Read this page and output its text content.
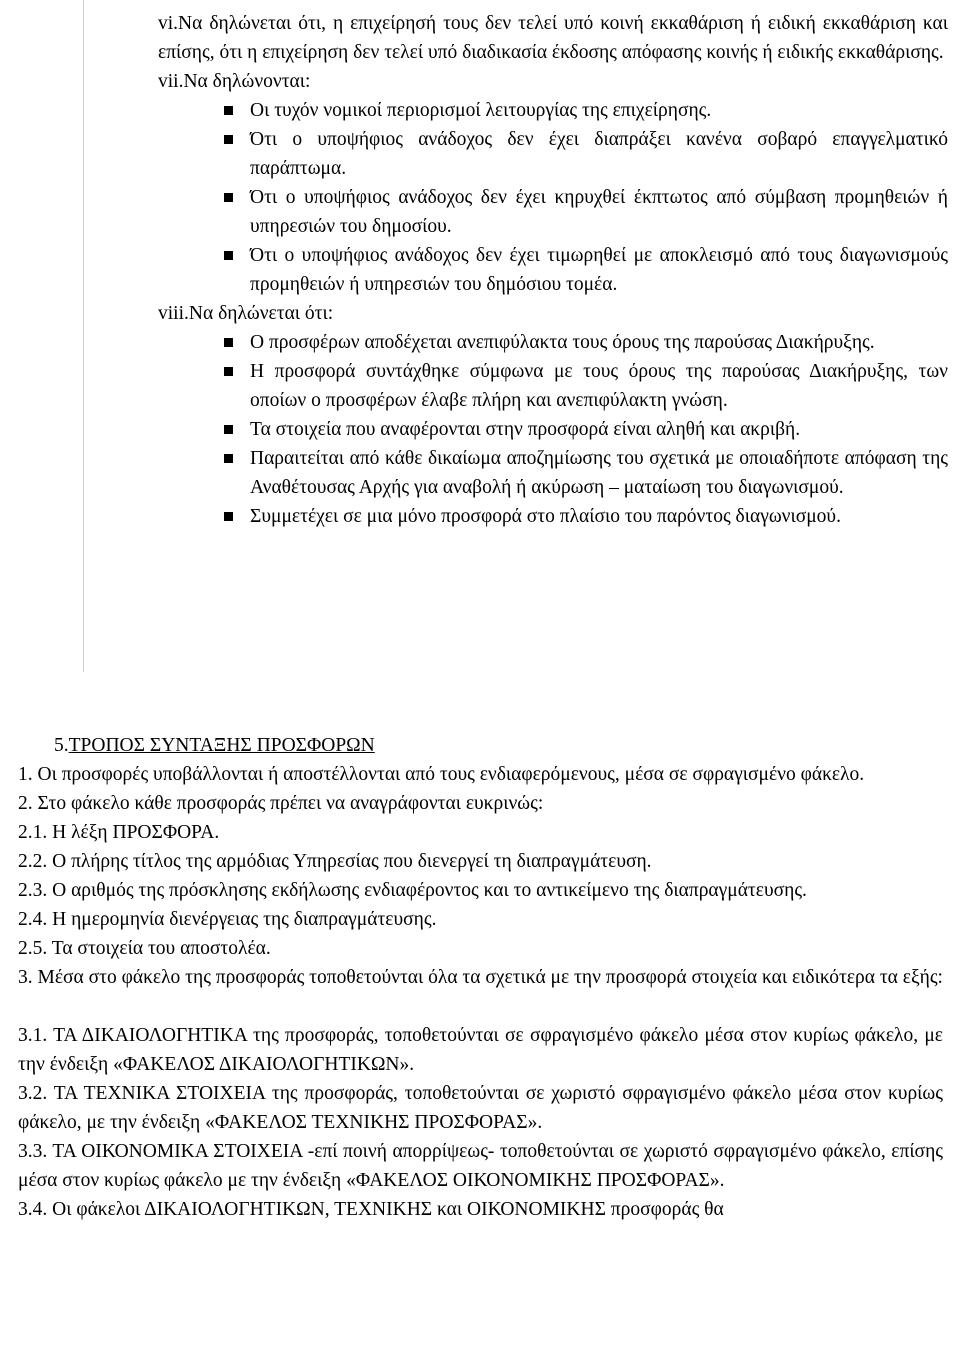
vi.Να δηλώνεται ότι, η επιχείρησή τους δεν τελεί υπό κοινή εκκαθάριση ή ειδική εκκαθάριση και επίσης, ότι η επιχείρηση δεν τελεί υπό διαδικασία έκδοσης απόφασης κοινής ή ειδικής εκκαθάρισης.
vii.Να δηλώνονται:
Οι τυχόν νομικοί περιορισμοί λειτουργίας της επιχείρησης.
Ότι ο υποψήφιος ανάδοχος δεν έχει διαπράξει κανένα σοβαρό επαγγελματικό παράπτωμα.
Ότι ο υποψήφιος ανάδοχος δεν έχει κηρυχθεί έκπτωτος από σύμβαση προμηθειών ή υπηρεσιών του δημοσίου.
Ότι ο υποψήφιος ανάδοχος δεν έχει τιμωρηθεί με αποκλεισμό από τους διαγωνισμούς προμηθειών ή υπηρεσιών του δημόσιου τομέα.
viii.Να δηλώνεται ότι:
Ο προσφέρων αποδέχεται ανεπιφύλακτα τους όρους της παρούσας Διακήρυξης.
Η προσφορά συντάχθηκε σύμφωνα με τους όρους της παρούσας Διακήρυξης, των οποίων ο προσφέρων έλαβε πλήρη και ανεπιφύλακτη γνώση.
Τα στοιχεία που αναφέρονται στην προσφορά είναι αληθή και ακριβή.
Παραιτείται από κάθε δικαίωμα αποζημίωσης του σχετικά με οποιαδήποτε απόφαση της Αναθέτουσας Αρχής για αναβολή ή ακύρωση – ματαίωση του διαγωνισμού.
Συμμετέχει σε μια μόνο προσφορά στο πλαίσιο του παρόντος διαγωνισμού.

5.ΤΡΟΠΟΣ ΣΥΝΤΑΞΗΣ ΠΡΟΣΦΟΡΩΝ

1. Οι προσφορές υποβάλλονται ή αποστέλλονται από τους ενδιαφερόμενους, μέσα σε σφραγισμένο φάκελο.

2. Στο φάκελο κάθε προσφοράς πρέπει να αναγράφονται ευκρινώς:

2.1. Η λέξη ΠΡΟΣΦΟΡΑ.

2.2. Ο πλήρης τίτλος της αρμόδιας Υπηρεσίας που διενεργεί τη διαπραγμάτευση.

2.3. Ο αριθμός της πρόσκλησης εκδήλωσης ενδιαφέροντος και το αντικείμενο της διαπραγμάτευσης.

2.4. Η ημερομηνία διενέργειας της διαπραγμάτευσης.

2.5. Τα στοιχεία του αποστολέα.

3. Μέσα στο φάκελο της προσφοράς τοποθετούνται όλα τα σχετικά με την προσφορά στοιχεία και ειδικότερα τα εξής:

3.1. ΤΑ ΔΙΚΑΙΟΛΟΓΗΤΙΚΑ της προσφοράς, τοποθετούνται σε σφραγισμένο φάκελο μέσα στον κυρίως φάκελο, με την ένδειξη «ΦΑΚΕΛΟΣ ΔΙΚΑΙΟΛΟΓΗΤΙΚΩΝ».

3.2. ΤΑ ΤΕΧΝΙΚΑ ΣΤΟΙΧΕΙΑ της προσφοράς, τοποθετούνται σε χωριστό σφραγισμένο φάκελο μέσα στον κυρίως φάκελο, με την ένδειξη «ΦΑΚΕΛΟΣ ΤΕΧΝΙΚΗΣ ΠΡΟΣΦΟΡΑΣ».

3.3. ΤΑ ΟΙΚΟΝΟΜΙΚΑ ΣΤΟΙΧΕΙΑ -επί ποινή απορρίψεως- τοποθετούνται σε χωριστό σφραγισμένο φάκελο, επίσης μέσα στον κυρίως φάκελο με την ένδειξη «ΦΑΚΕΛΟΣ ΟΙΚΟΝΟΜΙΚΗΣ ΠΡΟΣΦΟΡΑΣ».

3.4. Οι φάκελοι ΔΙΚΑΙΟΛΟΓΗΤΙΚΩΝ, ΤΕΧΝΙΚΗΣ και ΟΙΚΟΝΟΜΙΚΗΣ προσφοράς θα
